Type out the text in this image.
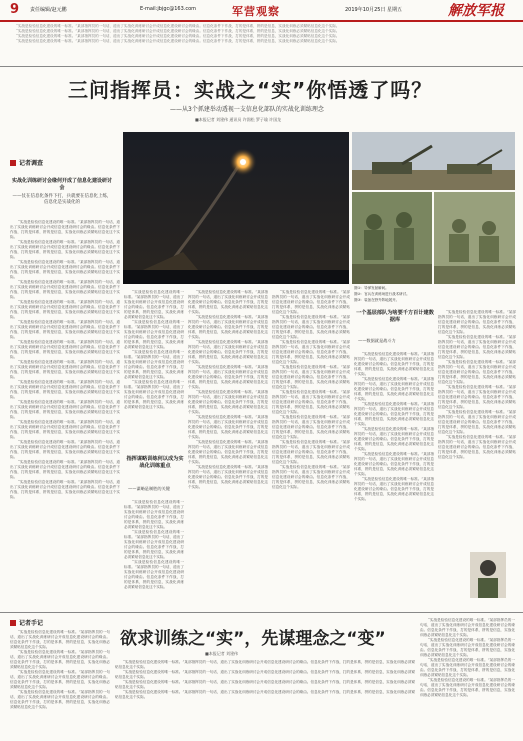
9 责任编辑/赵元鹏	E-mail:jbjgc@163.com	军营观察	2019年10月25日 星期五	解放军报

“实战是检验信息化建设的唯一标准。”某部指挥员的一句话，道出了实战化训练研讨会开成信息化建设研讨会的缘由。信息化条件下作战，打的是体系，拼的是信息，实战化训练必须紧贴信息化这个实际。

“实战是检验信息化建设的唯一标准。”某部指挥员的一句话，道出了实战化训练研讨会开成信息化建设研讨会的缘由。信息化条件下作战，打的是体系，拼的是信息，实战化训练必须紧贴信息化这个实际。

“实战是检验信息化建设的唯一标准。”某部指挥员的一句话，道出了实战化训练研讨会开成信息化建设研讨会的缘由。信息化条件下作战，打的是体系，拼的是信息，实战化训练必须紧贴信息化这个实际。

“实战是检验信息化建设的唯一标准。”某部指挥员的一句话，道出了实战化训练研讨会开成信息化建设研讨会的缘由。信息化条件下作战，打的是体系，拼的是信息，实战化训练必须紧贴信息化这个实际。

三问指挥员：实战之“实”你悟透了吗？
——从3个抓建举动透视一支信息化部队的实战化训练理念
■本报记者 刘建伟 通讯员 许润松 罗子瑜 许国龙
记者调查
实战化训练研讨会缘何开成了信息化建设研讨会
——仗在信息化条件下打，兵就要在信息化上练，信息化是实战化的

“实战是检验信息化建设的唯一标准。”某部指挥员的一句话，道出了实战化训练研讨会开成信息化建设研讨会的缘由。信息化条件下作战，打的是体系，拼的是信息，实战化训练必须紧贴信息化这个实际。

“实战是检验信息化建设的唯一标准。”某部指挥员的一句话，道出了实战化训练研讨会开成信息化建设研讨会的缘由。信息化条件下作战，打的是体系，拼的是信息，实战化训练必须紧贴信息化这个实际。

“实战是检验信息化建设的唯一标准。”某部指挥员的一句话，道出了实战化训练研讨会开成信息化建设研讨会的缘由。信息化条件下作战，打的是体系，拼的是信息，实战化训练必须紧贴信息化这个实际。

“实战是检验信息化建设的唯一标准。”某部指挥员的一句话，道出了实战化训练研讨会开成信息化建设研讨会的缘由。信息化条件下作战，打的是体系，拼的是信息，实战化训练必须紧贴信息化这个实际。

“实战是检验信息化建设的唯一标准。”某部指挥员的一句话，道出了实战化训练研讨会开成信息化建设研讨会的缘由。信息化条件下作战，打的是体系，拼的是信息，实战化训练必须紧贴信息化这个实际。

“实战是检验信息化建设的唯一标准。”某部指挥员的一句话，道出了实战化训练研讨会开成信息化建设研讨会的缘由。信息化条件下作战，打的是体系，拼的是信息，实战化训练必须紧贴信息化这个实际。

“实战是检验信息化建设的唯一标准。”某部指挥员的一句话，道出了实战化训练研讨会开成信息化建设研讨会的缘由。信息化条件下作战，打的是体系，拼的是信息，实战化训练必须紧贴信息化这个实际。

“实战是检验信息化建设的唯一标准。”某部指挥员的一句话，道出了实战化训练研讨会开成信息化建设研讨会的缘由。信息化条件下作战，打的是体系，拼的是信息，实战化训练必须紧贴信息化这个实际。

“实战是检验信息化建设的唯一标准。”某部指挥员的一句话，道出了实战化训练研讨会开成信息化建设研讨会的缘由。信息化条件下作战，打的是体系，拼的是信息，实战化训练必须紧贴信息化这个实际。

“实战是检验信息化建设的唯一标准。”某部指挥员的一句话，道出了实战化训练研讨会开成信息化建设研讨会的缘由。信息化条件下作战，打的是体系，拼的是信息，实战化训练必须紧贴信息化这个实际。

“实战是检验信息化建设的唯一标准。”某部指挥员的一句话，道出了实战化训练研讨会开成信息化建设研讨会的缘由。信息化条件下作战，打的是体系，拼的是信息，实战化训练必须紧贴信息化这个实际。

“实战是检验信息化建设的唯一标准。”某部指挥员的一句话，道出了实战化训练研讨会开成信息化建设研讨会的缘由。信息化条件下作战，打的是体系，拼的是信息，实战化训练必须紧贴信息化这个实际。

“实战是检验信息化建设的唯一标准。”某部指挥员的一句话，道出了实战化训练研讨会开成信息化建设研讨会的缘由。信息化条件下作战，打的是体系，拼的是信息，实战化训练必须紧贴信息化这个实际。

“实战是检验信息化建设的唯一标准。”某部指挥员的一句话，道出了实战化训练研讨会开成信息化建设研讨会的缘由。信息化条件下作战，打的是体系，拼的是信息，实战化训练必须紧贴信息化这个实际。

图①：导弹发射瞬间。
图②：官兵在训练场进行战术研讨。
图③：装备在野外阵地展开。

“实战是检验信息化建设的唯一标准。”某部指挥员的一句话，道出了实战化训练研讨会开成信息化建设研讨会的缘由。信息化条件下作战，打的是体系，拼的是信息，实战化训练必须紧贴信息化这个实际。

“实战是检验信息化建设的唯一标准。”某部指挥员的一句话，道出了实战化训练研讨会开成信息化建设研讨会的缘由。信息化条件下作战，打的是体系，拼的是信息，实战化训练必须紧贴信息化这个实际。

“实战是检验信息化建设的唯一标准。”某部指挥员的一句话，道出了实战化训练研讨会开成信息化建设研讨会的缘由。信息化条件下作战，打的是体系，拼的是信息，实战化训练必须紧贴信息化这个实际。

“实战是检验信息化建设的唯一标准。”某部指挥员的一句话，道出了实战化训练研讨会开成信息化建设研讨会的缘由。信息化条件下作战，打的是体系，拼的是信息，实战化训练必须紧贴信息化这个实际。

“实战是检验信息化建设的唯一标准。”某部指挥员的一句话，道出了实战化训练研讨会开成信息化建设研讨会的缘由。信息化条件下作战，打的是体系，拼的是信息，实战化训练必须紧贴信息化这个实际。

“实战是检验信息化建设的唯一标准。”某部指挥员的一句话，道出了实战化训练研讨会开成信息化建设研讨会的缘由。信息化条件下作战，打的是体系，拼的是信息，实战化训练必须紧贴信息化这个实际。

“实战是检验信息化建设的唯一标准。”某部指挥员的一句话，道出了实战化训练研讨会开成信息化建设研讨会的缘由。信息化条件下作战，打的是体系，拼的是信息，实战化训练必须紧贴信息化这个实际。

“实战是检验信息化建设的唯一标准。”某部指挥员的一句话，道出了实战化训练研讨会开成信息化建设研讨会的缘由。信息化条件下作战，打的是体系，拼的是信息，实战化训练必须紧贴信息化这个实际。

“实战是检验信息化建设的唯一标准。”某部指挥员的一句话，道出了实战化训练研讨会开成信息化建设研讨会的缘由。信息化条件下作战，打的是体系，拼的是信息，实战化训练必须紧贴信息化这个实际。

“实战是检验信息化建设的唯一标准。”某部指挥员的一句话，道出了实战化训练研讨会开成信息化建设研讨会的缘由。信息化条件下作战，打的是体系，拼的是信息，实战化训练必须紧贴信息化这个实际。

“实战是检验信息化建设的唯一标准。”某部指挥员的一句话，道出了实战化训练研讨会开成信息化建设研讨会的缘由。信息化条件下作战，打的是体系，拼的是信息，实战化训练必须紧贴信息化这个实际。

“实战是检验信息化建设的唯一标准。”某部指挥员的一句话，道出了实战化训练研讨会开成信息化建设研讨会的缘由。信息化条件下作战，打的是体系，拼的是信息，实战化训练必须紧贴信息化这个实际。

“实战是检验信息化建设的唯一标准。”某部指挥员的一句话，道出了实战化训练研讨会开成信息化建设研讨会的缘由。信息化条件下作战，打的是体系，拼的是信息，实战化训练必须紧贴信息化这个实际。

“实战是检验信息化建设的唯一标准。”某部指挥员的一句话，道出了实战化训练研讨会开成信息化建设研讨会的缘由。信息化条件下作战，打的是体系，拼的是信息，实战化训练必须紧贴信息化这个实际。

“实战是检验信息化建设的唯一标准。”某部指挥员的一句话，道出了实战化训练研讨会开成信息化建设研讨会的缘由。信息化条件下作战，打的是体系，拼的是信息，实战化训练必须紧贴信息化这个实际。

“实战是检验信息化建设的唯一标准。”某部指挥员的一句话，道出了实战化训练研讨会开成信息化建设研讨会的缘由。信息化条件下作战，打的是体系，拼的是信息，实战化训练必须紧贴信息化这个实际。

“实战是检验信息化建设的唯一标准。”某部指挥员的一句话，道出了实战化训练研讨会开成信息化建设研讨会的缘由。信息化条件下作战，打的是体系，拼的是信息，实战化训练必须紧贴信息化这个实际。

“实战是检验信息化建设的唯一标准。”某部指挥员的一句话，道出了实战化训练研讨会开成信息化建设研讨会的缘由。信息化条件下作战，打的是体系，拼的是信息，实战化训练必须紧贴信息化这个实际。

“实战是检验信息化建设的唯一标准。”某部指挥员的一句话，道出了实战化训练研讨会开成信息化建设研讨会的缘由。信息化条件下作战，打的是体系，拼的是信息，实战化训练必须紧贴信息化这个实际。

“实战是检验信息化建设的唯一标准。”某部指挥员的一句话，道出了实战化训练研讨会开成信息化建设研讨会的缘由。信息化条件下作战，打的是体系，拼的是信息，实战化训练必须紧贴信息化这个实际。

指挥谋略训练何以成为实战化训练重点
——谋略是制胜的关键

“实战是检验信息化建设的唯一标准。”某部指挥员的一句话，道出了实战化训练研讨会开成信息化建设研讨会的缘由。信息化条件下作战，打的是体系，拼的是信息，实战化训练必须紧贴信息化这个实际。

“实战是检验信息化建设的唯一标准。”某部指挥员的一句话，道出了实战化训练研讨会开成信息化建设研讨会的缘由。信息化条件下作战，打的是体系，拼的是信息，实战化训练必须紧贴信息化这个实际。

“实战是检验信息化建设的唯一标准。”某部指挥员的一句话，道出了实战化训练研讨会开成信息化建设研讨会的缘由。信息化条件下作战，打的是体系，拼的是信息，实战化训练必须紧贴信息化这个实际。

一个基层部队为啥要千方百计建数据库
——数据就是战斗力

“实战是检验信息化建设的唯一标准。”某部指挥员的一句话，道出了实战化训练研讨会开成信息化建设研讨会的缘由。信息化条件下作战，打的是体系，拼的是信息，实战化训练必须紧贴信息化这个实际。

“实战是检验信息化建设的唯一标准。”某部指挥员的一句话，道出了实战化训练研讨会开成信息化建设研讨会的缘由。信息化条件下作战，打的是体系，拼的是信息，实战化训练必须紧贴信息化这个实际。

“实战是检验信息化建设的唯一标准。”某部指挥员的一句话，道出了实战化训练研讨会开成信息化建设研讨会的缘由。信息化条件下作战，打的是体系，拼的是信息，实战化训练必须紧贴信息化这个实际。

“实战是检验信息化建设的唯一标准。”某部指挥员的一句话，道出了实战化训练研讨会开成信息化建设研讨会的缘由。信息化条件下作战，打的是体系，拼的是信息，实战化训练必须紧贴信息化这个实际。

“实战是检验信息化建设的唯一标准。”某部指挥员的一句话，道出了实战化训练研讨会开成信息化建设研讨会的缘由。信息化条件下作战，打的是体系，拼的是信息，实战化训练必须紧贴信息化这个实际。

“实战是检验信息化建设的唯一标准。”某部指挥员的一句话，道出了实战化训练研讨会开成信息化建设研讨会的缘由。信息化条件下作战，打的是体系，拼的是信息，实战化训练必须紧贴信息化这个实际。

“实战是检验信息化建设的唯一标准。”某部指挥员的一句话，道出了实战化训练研讨会开成信息化建设研讨会的缘由。信息化条件下作战，打的是体系，拼的是信息，实战化训练必须紧贴信息化这个实际。

“实战是检验信息化建设的唯一标准。”某部指挥员的一句话，道出了实战化训练研讨会开成信息化建设研讨会的缘由。信息化条件下作战，打的是体系，拼的是信息，实战化训练必须紧贴信息化这个实际。

“实战是检验信息化建设的唯一标准。”某部指挥员的一句话，道出了实战化训练研讨会开成信息化建设研讨会的缘由。信息化条件下作战，打的是体系，拼的是信息，实战化训练必须紧贴信息化这个实际。

“实战是检验信息化建设的唯一标准。”某部指挥员的一句话，道出了实战化训练研讨会开成信息化建设研讨会的缘由。信息化条件下作战，打的是体系，拼的是信息，实战化训练必须紧贴信息化这个实际。

“实战是检验信息化建设的唯一标准。”某部指挥员的一句话，道出了实战化训练研讨会开成信息化建设研讨会的缘由。信息化条件下作战，打的是体系，拼的是信息，实战化训练必须紧贴信息化这个实际。

“实战是检验信息化建设的唯一标准。”某部指挥员的一句话，道出了实战化训练研讨会开成信息化建设研讨会的缘由。信息化条件下作战，打的是体系，拼的是信息，实战化训练必须紧贴信息化这个实际。

记者手记
欲求训练之“实”，先谋理念之“变”
■本报记者 刘建伟

“实战是检验信息化建设的唯一标准。”某部指挥员的一句话，道出了实战化训练研讨会开成信息化建设研讨会的缘由。信息化条件下作战，打的是体系，拼的是信息，实战化训练必须紧贴信息化这个实际。

“实战是检验信息化建设的唯一标准。”某部指挥员的一句话，道出了实战化训练研讨会开成信息化建设研讨会的缘由。信息化条件下作战，打的是体系，拼的是信息，实战化训练必须紧贴信息化这个实际。

“实战是检验信息化建设的唯一标准。”某部指挥员的一句话，道出了实战化训练研讨会开成信息化建设研讨会的缘由。信息化条件下作战，打的是体系，拼的是信息，实战化训练必须紧贴信息化这个实际。

“实战是检验信息化建设的唯一标准。”某部指挥员的一句话，道出了实战化训练研讨会开成信息化建设研讨会的缘由。信息化条件下作战，打的是体系，拼的是信息，实战化训练必须紧贴信息化这个实际。

“实战是检验信息化建设的唯一标准。”某部指挥员的一句话，道出了实战化训练研讨会开成信息化建设研讨会的缘由。信息化条件下作战，打的是体系，拼的是信息，实战化训练必须紧贴信息化这个实际。

“实战是检验信息化建设的唯一标准。”某部指挥员的一句话，道出了实战化训练研讨会开成信息化建设研讨会的缘由。信息化条件下作战，打的是体系，拼的是信息，实战化训练必须紧贴信息化这个实际。

“实战是检验信息化建设的唯一标准。”某部指挥员的一句话，道出了实战化训练研讨会开成信息化建设研讨会的缘由。信息化条件下作战，打的是体系，拼的是信息，实战化训练必须紧贴信息化这个实际。

“实战是检验信息化建设的唯一标准。”某部指挥员的一句话，道出了实战化训练研讨会开成信息化建设研讨会的缘由。信息化条件下作战，打的是体系，拼的是信息，实战化训练必须紧贴信息化这个实际。

“实战是检验信息化建设的唯一标准。”某部指挥员的一句话，道出了实战化训练研讨会开成信息化建设研讨会的缘由。信息化条件下作战，打的是体系，拼的是信息，实战化训练必须紧贴信息化这个实际。

“实战是检验信息化建设的唯一标准。”某部指挥员的一句话，道出了实战化训练研讨会开成信息化建设研讨会的缘由。信息化条件下作战，打的是体系，拼的是信息，实战化训练必须紧贴信息化这个实际。

“实战是检验信息化建设的唯一标准。”某部指挥员的一句话，道出了实战化训练研讨会开成信息化建设研讨会的缘由。信息化条件下作战，打的是体系，拼的是信息，实战化训练必须紧贴信息化这个实际。

“实战是检验信息化建设的唯一标准。”某部指挥员的一句话，道出了实战化训练研讨会开成信息化建设研讨会的缘由。信息化条件下作战，打的是体系，拼的是信息，实战化训练必须紧贴信息化这个实际。
